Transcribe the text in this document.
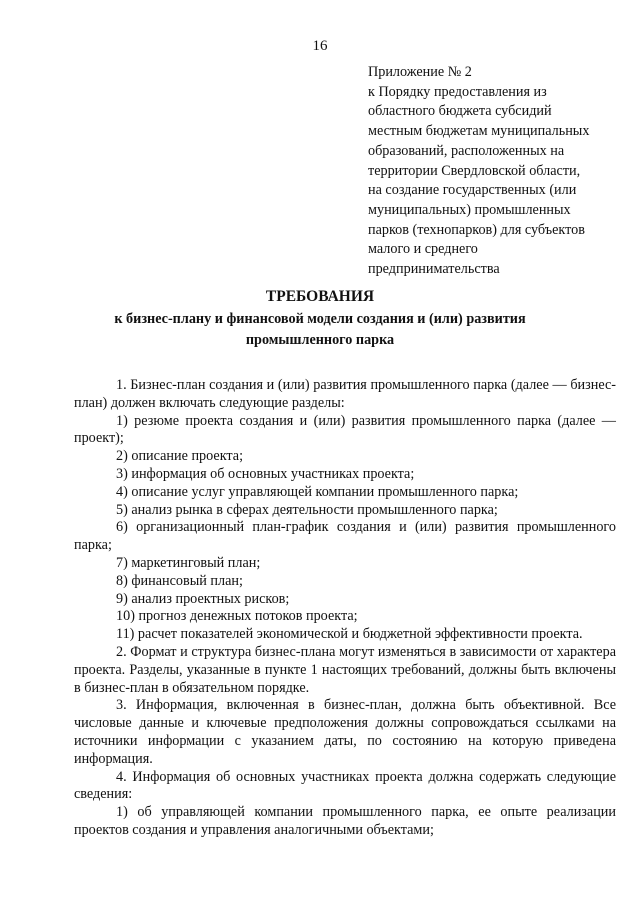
16
Приложение № 2
к Порядку предоставления из
областного бюджета субсидий
местным бюджетам муниципальных
образований, расположенных на
территории Свердловской области,
на создание государственных (или
муниципальных) промышленных
парков (технопарков) для субъектов
малого и среднего
предпринимательства
ТРЕБОВАНИЯ
к бизнес-плану и финансовой модели создания и (или) развития
промышленного парка
1. Бизнес-план создания и (или) развития промышленного парка (далее — бизнес-план) должен включать следующие разделы:
1) резюме проекта создания и (или) развития промышленного парка (далее — проект);
2) описание проекта;
3) информация об основных участниках проекта;
4) описание услуг управляющей компании промышленного парка;
5) анализ рынка в сферах деятельности промышленного парка;
6) организационный план-график создания и (или) развития промышленного парка;
7) маркетинговый план;
8) финансовый план;
9) анализ проектных рисков;
10) прогноз денежных потоков проекта;
11) расчет показателей экономической и бюджетной эффективности проекта.
2. Формат и структура бизнес-плана могут изменяться в зависимости от характера проекта. Разделы, указанные в пункте 1 настоящих требований, должны быть включены в бизнес-план в обязательном порядке.
3. Информация, включенная в бизнес-план, должна быть объективной. Все числовые данные и ключевые предположения должны сопровождаться ссылками на источники информации с указанием даты, по состоянию на которую приведена информация.
4. Информация об основных участниках проекта должна содержать следующие сведения:
1) об управляющей компании промышленного парка, ее опыте реализации проектов создания и управления аналогичными объектами;
